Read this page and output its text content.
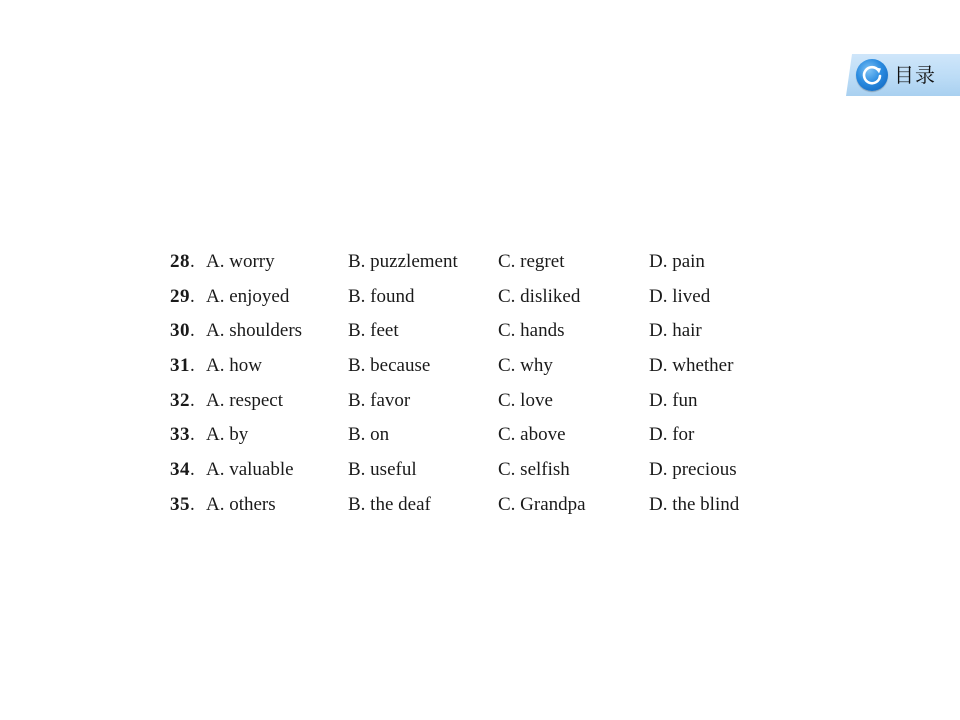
目录
28. A. worry	B. puzzlement C. regret	D. pain
29. A. enjoyed	B. found	C. disliked	D. lived
30. A. shoulders B. feet	C. hands	D. hair
31. A. how	B. because	C. why	D. whether
32. A. respect	B. favor	C. love	D. fun
33. A. by	B. on	C. above	D. for
34. A. valuable	B. useful	C. selfish	D. precious
35. A. others	B. the deaf	C. Grandpa	D. the blind
